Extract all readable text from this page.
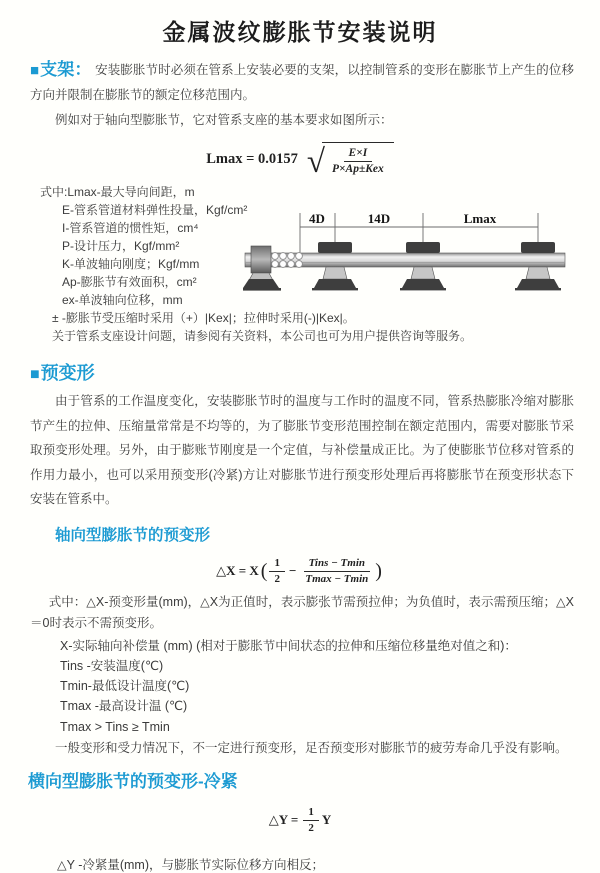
金属波纹膨胀节安装说明

■支架： 安装膨胀节时必须在管系上安装必要的支架，以控制管系的变形在膨胀节上产生的位移方向并限制在膨胀节的额定位移范围内。

例如对于轴向型膨胀节，它对管系支座的基本要求如图所示：

Lmax = 0.0157 √ $\frac{E\times I}{\text{P×Ap±Kex}}$
式中:Lmax-最大导向间距，m
E-管系管道材料弹性投量，Kgf/cm²
I-管系管道的惯性矩，cm⁴
P-设计压力，Kgf/mm²
K-单波轴向刚度；Kgf/mm
Ap-膨胀节有效面积，cm²
ex-单波轴向位移，mm
± -膨胀节受压缩时采用（+）|Kex|；拉伸时采用(-)|Kex|。
关于管系支座设计问题，请参阅有关资料，本公司也可为用户提供咨询等服务。
4D	14D	Lmax
■预变形

由于管系的工作温度变化，安装膨胀节时的温度与工作时的温度不同，管系热膨胀冷缩对膨胀节产生的拉伸、压缩量常常是不均等的，为了膨胀节变形范围控制在额定范围内，需要对膨胀节采取预变形处理。另外，由于膨账节刚度是一个定值，与补偿量成正比。为了使膨胀节位移对管系的作用力最小，也可以采用预变形(冷紧)方让对膨胀节进行预变形处理后再将膨胀节在预变形状态下安装在管系中。

轴向型膨胀节的预变形
△X = X ( $\frac{1}{2} - \frac{\text{Tins − Tmin}}{Tmax - Tmin}$ )

式中：△X-预变形量(mm)，△X为正值时，表示膨张节需预拉伸；为负值时，表示需预压缩；△X＝0时表示不需预变形。

X-实际轴向补偿量 (mm) (相对于膨胀节中间状态的拉伸和压缩位移量绝对值之和)：
Tins -安装温度(℃)
Tmin-最低设计温度(℃)
Tmax -最高设计温 (℃)
Tmax > Tins ≥ Tmin

一般变形和受力情况下，不一定进行预变形，足否预变形对膨胀节的疲劳寿命几乎没有影响。

横向型膨胀节的预变形-冷紧
△Y = $\frac{1}{2}$ Y
△Y -冷紧量(mm)，与膨胀节实际位移方向相反；
